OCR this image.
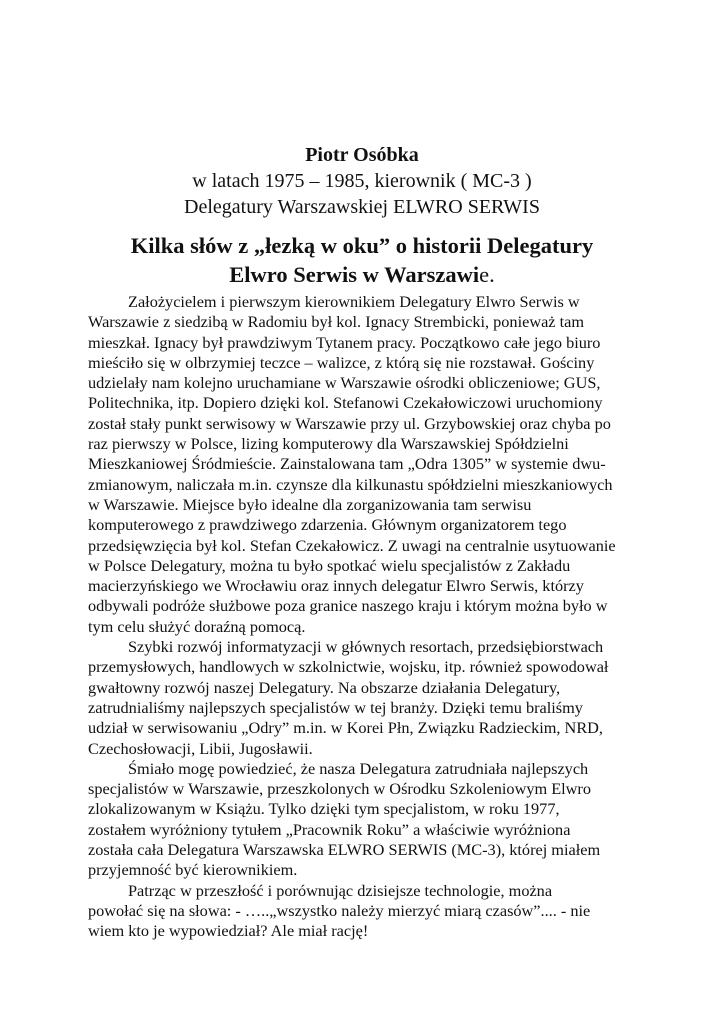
Piotr Osóbka

w latach 1975 – 1985, kierownik ( MC-3 )

Delegatury Warszawskiej ELWRO SERWIS

Kilka słów z „łezką w oku” o historii Delegatury
Elwro Serwis w Warszawie.
Założycielem i pierwszym kierownikiem Delegatury Elwro Serwis w
Warszawie z siedzibą w Radomiu był kol. Ignacy Strembicki, ponieważ tam
mieszkał. Ignacy był prawdziwym Tytanem pracy. Początkowo całe jego biuro
mieściło się w olbrzymiej teczce – walizce, z którą się nie rozstawał. Gościny
udzielały nam kolejno uruchamiane w Warszawie ośrodki obliczeniowe; GUS,
Politechnika, itp. Dopiero dzięki kol. Stefanowi Czekałowiczowi uruchomiony
został stały punkt serwisowy w Warszawie przy ul. Grzybowskiej oraz chyba po
raz pierwszy w Polsce, lizing komputerowy dla Warszawskiej Spółdzielni
Mieszkaniowej Śródmieście. Zainstalowana tam „Odra 1305” w systemie dwu-
zmianowym, naliczała m.in. czynsze dla kilkunastu spółdzielni mieszkaniowych
w Warszawie. Miejsce było idealne dla zorganizowania tam serwisu
komputerowego z prawdziwego zdarzenia. Głównym organizatorem tego
przedsięwzięcia był kol. Stefan Czekałowicz. Z uwagi na centralnie usytuowanie
w Polsce Delegatury, można tu było spotkać wielu specjalistów z Zakładu
macierzyńskiego we Wrocławiu oraz innych delegatur Elwro Serwis, którzy
odbywali podróże służbowe poza granice naszego kraju i którym można było w
tym celu służyć doraźną pomocą.
Szybki rozwój informatyzacji w głównych resortach, przedsiębiorstwach
przemysłowych, handlowych w szkolnictwie, wojsku, itp. również spowodował
gwałtowny rozwój naszej Delegatury. Na obszarze działania Delegatury,
zatrudnialiśmy najlepszych specjalistów w tej branży. Dzięki temu braliśmy
udział w serwisowaniu „Odry” m.in. w Korei Płn, Związku Radzieckim, NRD,
Czechosłowacji, Libii, Jugosławii.
Śmiało mogę powiedzieć, że nasza Delegatura zatrudniała najlepszych
specjalistów w Warszawie, przeszkolonych w Ośrodku Szkoleniowym Elwro
zlokalizowanym w Książu. Tylko dzięki tym specjalistom, w roku 1977,
zostałem wyróżniony tytułem „Pracownik Roku” a właściwie wyróżniona
została cała Delegatura Warszawska ELWRO SERWIS (MC-3), której miałem
przyjemność być kierownikiem.
Patrząc w przeszłość i porównując dzisiejsze technologie, można
powołać się na słowa: - …..„wszystko należy mierzyć miarą czasów”.... - nie
wiem kto je wypowiedział? Ale miał rację!
